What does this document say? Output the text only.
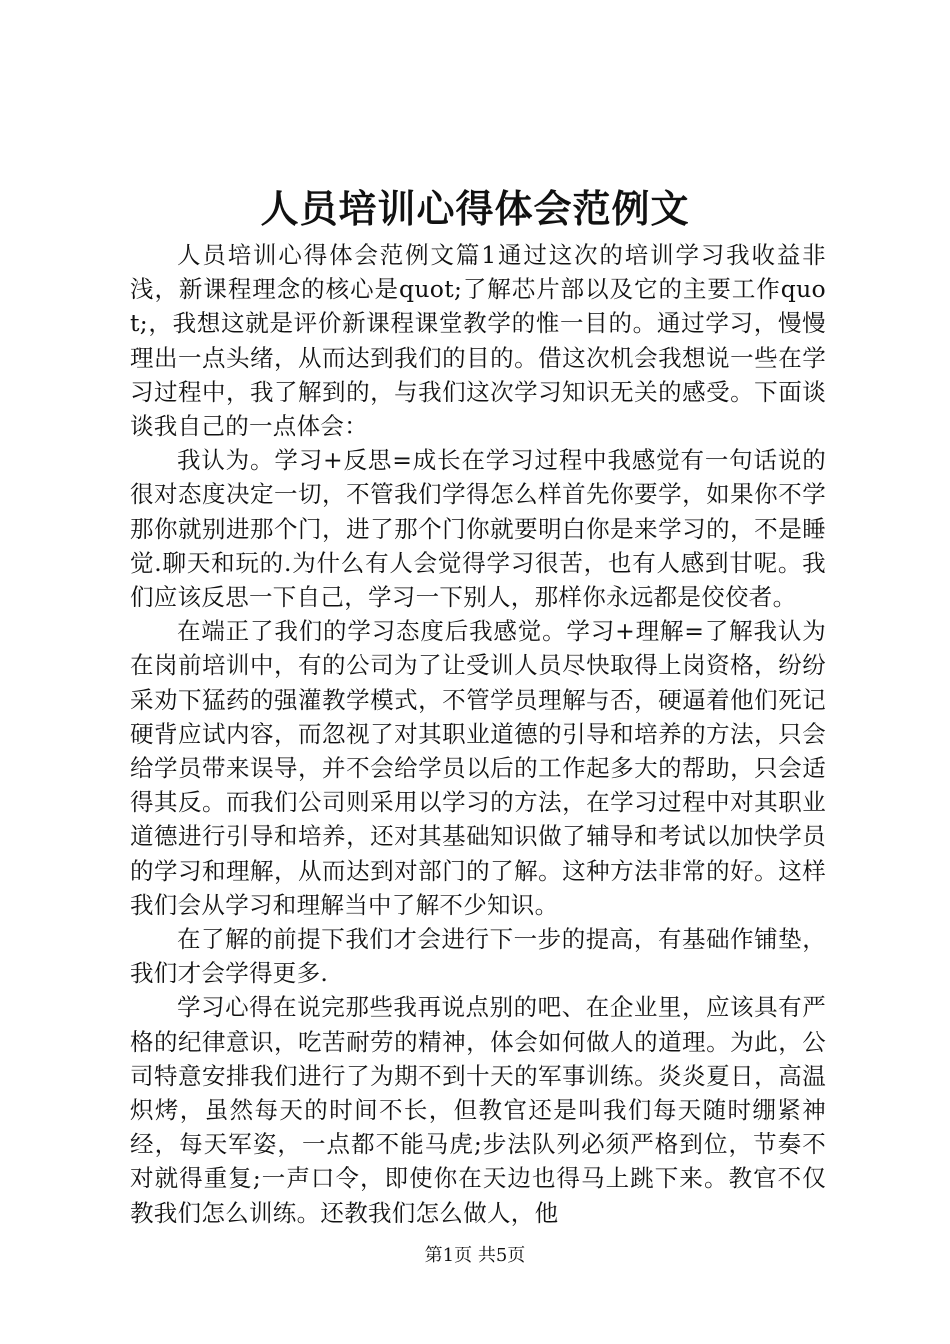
人员培训心得体会范例文

人员培训心得体会范例文篇1通过这次的培训学习我收益非浅，新课程理念的核心是quot;了解芯片部以及它的主要工作quot;，我想这就是评价新课程课堂教学的惟一目的。通过学习，慢慢理出一点头绪，从而达到我们的目的。借这次机会我想说一些在学习过程中，我了解到的，与我们这次学习知识无关的感受。下面谈谈我自己的一点体会：

我认为。学习+反思=成长在学习过程中我感觉有一句话说的很对态度决定一切，不管我们学得怎么样首先你要学，如果你不学那你就别进那个门，进了那个门你就要明白你是来学习的，不是睡觉.聊天和玩的.为什么有人会觉得学习很苦，也有人感到甘呢。我们应该反思一下自己，学习一下别人，那样你永远都是佼佼者。

在端正了我们的学习态度后我感觉。学习+理解=了解我认为在岗前培训中，有的公司为了让受训人员尽快取得上岗资格，纷纷采劝下猛药的强灌教学模式，不管学员理解与否，硬逼着他们死记硬背应试内容，而忽视了对其职业道德的引导和培养的方法，只会给学员带来误导，并不会给学员以后的工作起多大的帮助，只会适得其反。而我们公司则采用以学习的方法，在学习过程中对其职业道德进行引导和培养，还对其基础知识做了辅导和考试以加快学员的学习和理解，从而达到对部门的了解。这种方法非常的好。这样我们会从学习和理解当中了解不少知识。

在了解的前提下我们才会进行下一步的提高，有基础作铺垫，我们才会学得更多.

学习心得在说完那些我再说点别的吧、在企业里，应该具有严格的纪律意识，吃苦耐劳的精神，体会如何做人的道理。为此，公司特意安排我们进行了为期不到十天的军事训练。炎炎夏日，高温炽烤，虽然每天的时间不长，但教官还是叫我们每天随时绷紧神经，每天军姿，一点都不能马虎;步法队列必须严格到位，节奏不对就得重复;一声口令，即使你在天边也得马上跳下来。教官不仅教我们怎么训练。还教我们怎么做人，他

第1页 共5页
